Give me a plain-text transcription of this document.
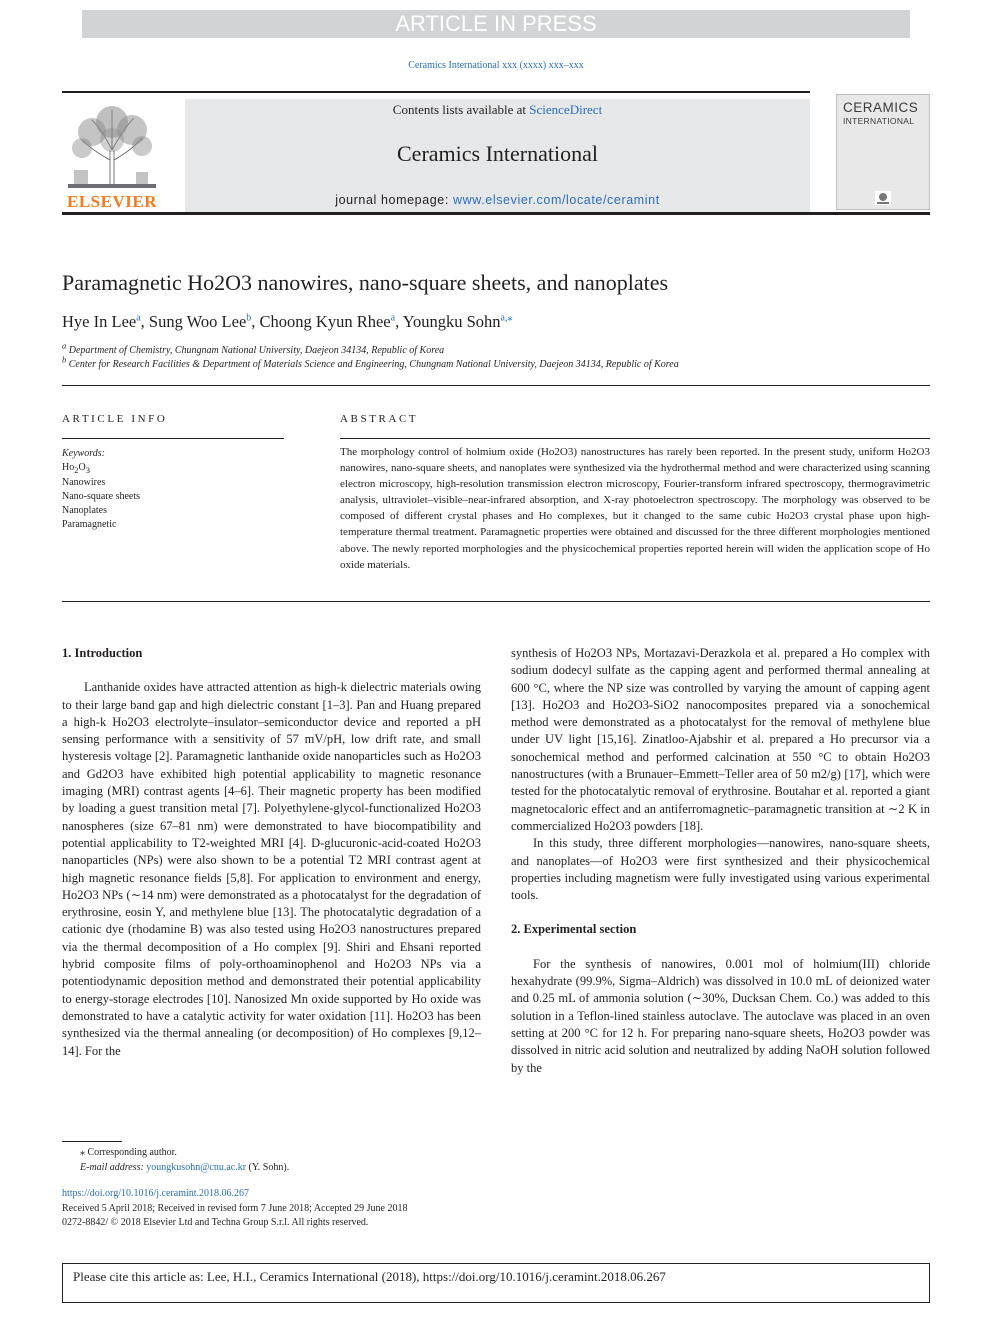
ARTICLE IN PRESS
Ceramics International xxx (xxxx) xxx–xxx
ELSEVIER
Contents lists available at ScienceDirect
Ceramics International
journal homepage: www.elsevier.com/locate/ceramint
CERAMICS
INTERNATIONAL
Paramagnetic Ho2O3 nanowires, nano-square sheets, and nanoplates
Hye In Lee$^a$, Sung Woo Lee$^b$, Choong Kyun Rhee$^a$, Youngku Sohn$^{a,⁎}$
$^a$ Department of Chemistry, Chungnam National University, Daejeon 34134, Republic of Korea
$^b$ Center for Research Facilities & Department of Materials Science and Engineering, Chungnam National University, Daejeon 34134, Republic of Korea
ARTICLE INFO	ABSTRACT
Keywords:
$Ho_2O_3$
Nanowires
Nano-square sheets
Nanoplates
Paramagnetic
The morphology control of holmium oxide (Ho2O3) nanostructures has rarely been reported. In the present study, uniform Ho2O3 nanowires, nano-square sheets, and nanoplates were synthesized via the hydrothermal method and were characterized using scanning electron microscopy, high-resolution transmission electron microscopy, Fourier-transform infrared spectroscopy, thermogravimetric analysis, ultraviolet–visible–near-infrared absorption, and X-ray photoelectron spectroscopy. The morphology was observed to be composed of different crystal phases and Ho complexes, but it changed to the same cubic Ho2O3 crystal phase upon high-temperature thermal treatment. Paramagnetic properties were obtained and discussed for the three different morphologies mentioned above. The newly reported morphologies and the physicochemical properties reported herein will widen the application scope of Ho oxide materials.
1. Introduction

Lanthanide oxides have attracted attention as high-k dielectric materials owing to their large band gap and high dielectric constant [1–3]. Pan and Huang prepared a high-k Ho2O3 electrolyte–insulator–semiconductor device and reported a pH sensing performance with a sensitivity of 57 mV/pH, low drift rate, and small hysteresis voltage [2]. Paramagnetic lanthanide oxide nanoparticles such as Ho2O3 and Gd2O3 have exhibited high potential applicability to magnetic resonance imaging (MRI) contrast agents [4–6]. Their magnetic property has been modified by loading a guest transition metal [7]. Polyethylene-glycol-functionalized Ho2O3 nanospheres (size 67–81 nm) were demonstrated to have biocompatibility and potential applicability to T2-weighted MRI [4]. D-glucuronic-acid-coated Ho2O3 nanoparticles (NPs) were also shown to be a potential T2 MRI contrast agent at high magnetic resonance fields [5,8]. For application to environment and energy, Ho2O3 NPs (∼14 nm) were demonstrated as a photocatalyst for the degradation of erythrosine, eosin Y, and methylene blue [13]. The photocatalytic degradation of a cationic dye (rhodamine B) was also tested using Ho2O3 nanostructures prepared via the thermal decomposition of a Ho complex [9]. Shiri and Ehsani reported hybrid composite films of poly-orthoaminophenol and Ho2O3 NPs via a potentiodynamic deposition method and demonstrated their potential applicability to energy-storage electrodes [10]. Nanosized Mn oxide supported by Ho oxide was demonstrated to have a catalytic activity for water oxidation [11]. Ho2O3 has been synthesized via the thermal annealing (or decomposition) of Ho complexes [9,12–14]. For the

synthesis of Ho2O3 NPs, Mortazavi-Derazkola et al. prepared a Ho complex with sodium dodecyl sulfate as the capping agent and performed thermal annealing at 600 °C, where the NP size was controlled by varying the amount of capping agent [13]. Ho2O3 and Ho2O3-SiO2 nanocomposites prepared via a sonochemical method were demonstrated as a photocatalyst for the removal of methylene blue under UV light [15,16]. Zinatloo-Ajabshir et al. prepared a Ho precursor via a sonochemical method and performed calcination at 550 °C to obtain Ho2O3 nanostructures (with a Brunauer–Emmett–Teller area of 50 m2/g) [17], which were tested for the photocatalytic removal of erythrosine. Boutahar et al. reported a giant magnetocaloric effect and an antiferromagnetic–paramagnetic transition at ∼2 K in commercialized Ho2O3 powders [18].

In this study, three different morphologies—nanowires, nano-square sheets, and nanoplates—of Ho2O3 were first synthesized and their physicochemical properties including magnetism were fully investigated using various experimental tools.

2. Experimental section

For the synthesis of nanowires, 0.001 mol of holmium(III) chloride hexahydrate (99.9%, Sigma–Aldrich) was dissolved in 10.0 mL of deionized water and 0.25 mL of ammonia solution (∼30%, Ducksan Chem. Co.) was added to this solution in a Teflon-lined stainless autoclave. The autoclave was placed in an oven setting at 200 °C for 12 h. For preparing nano-square sheets, Ho2O3 powder was dissolved in nitric acid solution and neutralized by adding NaOH solution followed by the

⁎ Corresponding author.
E-mail address: youngkusohn@cnu.ac.kr (Y. Sohn).
https://doi.org/10.1016/j.ceramint.2018.06.267
Received 5 April 2018; Received in revised form 7 June 2018; Accepted 29 June 2018
0272-8842/ © 2018 Elsevier Ltd and Techna Group S.r.l. All rights reserved.
Please cite this article as: Lee, H.I., Ceramics International (2018), https://doi.org/10.1016/j.ceramint.2018.06.267
